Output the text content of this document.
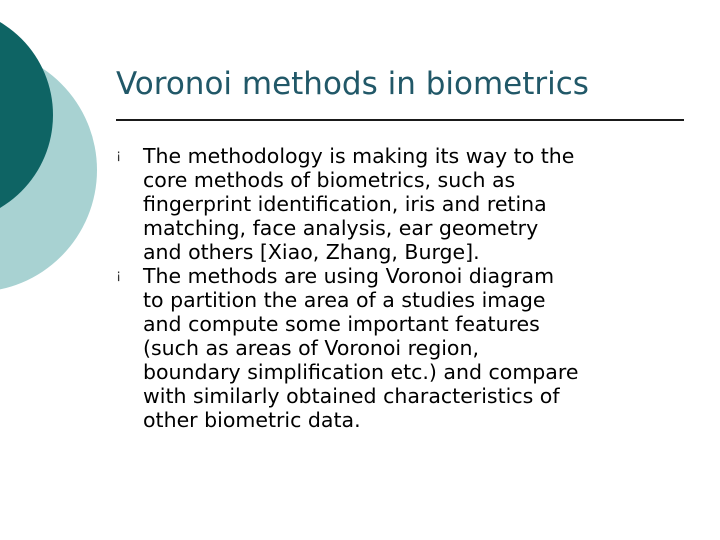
Voronoi methods in biometrics
¡	The methodology is making its way to the
core methods of biometrics, such as
fingerprint identification, iris and retina
matching, face analysis, ear geometry
and others [Xiao, Zhang, Burge].
¡	The methods are using Voronoi diagram
to partition the area of a studies image
and compute some important features
(such as areas of Voronoi region,
boundary simplification etc.) and compare
with similarly obtained characteristics of
other biometric data.
